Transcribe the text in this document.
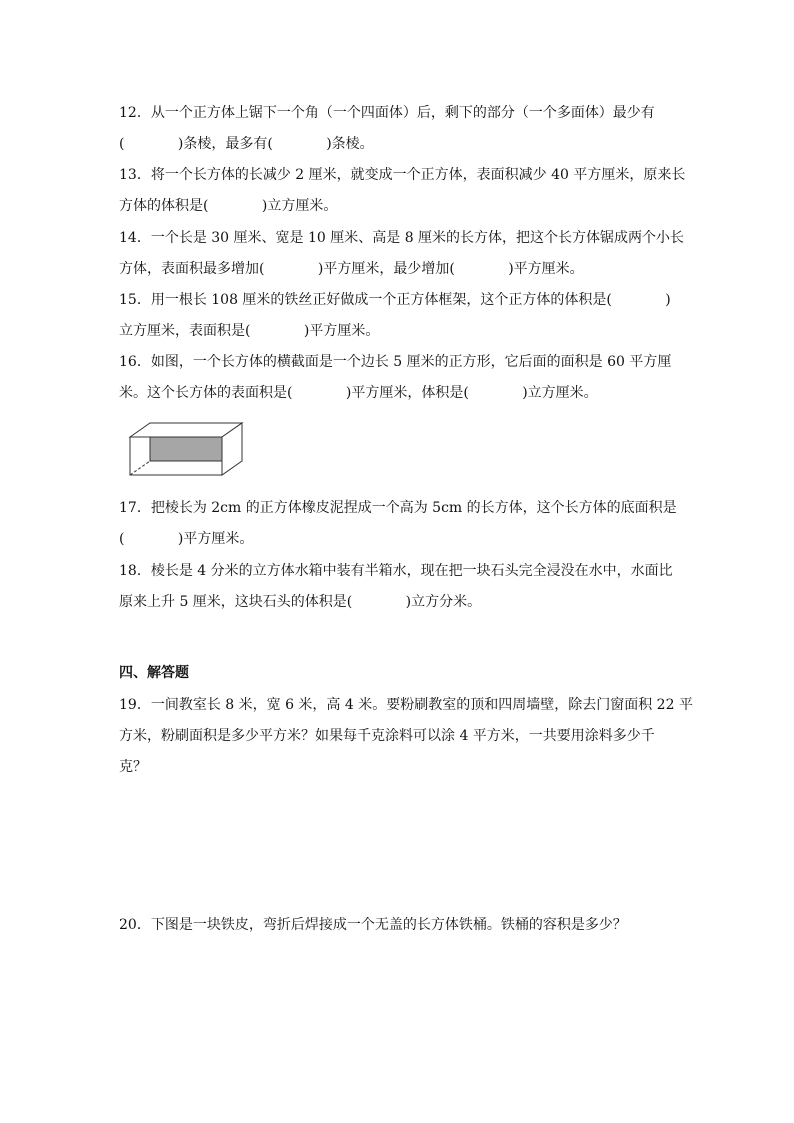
12．从一个正方体上锯下一个角（一个四面体）后，剩下的部分（一个多面体）最少有
(            )条棱，最多有(            )条棱。
13．将一个长方体的长减少 2 厘米，就变成一个正方体，表面积减少 40 平方厘米，原来长
方体的体积是(            )立方厘米。
14．一个长是 30 厘米、宽是 10 厘米、高是 8 厘米的长方体，把这个长方体锯成两个小长
方体，表面积最多增加(            )平方厘米，最少增加(            )平方厘米。
15．用一根长 108 厘米的铁丝正好做成一个正方体框架，这个正方体的体积是(            )
立方厘米，表面积是(            )平方厘米。
16．如图，一个长方体的横截面是一个边长 5 厘米的正方形，它后面的面积是 60 平方厘
米。这个长方体的表面积是(            )平方厘米，体积是(            )立方厘米。
17．把棱长为 2cm 的正方体橡皮泥捏成一个高为 5cm 的长方体，这个长方体的底面积是
(            )平方厘米。
18．棱长是 4 分米的立方体水箱中装有半箱水，现在把一块石头完全浸没在水中，水面比
原来上升 5 厘米，这块石头的体积是(            )立方分米。
四、解答题
19．一间教室长 8 米，宽 6 米，高 4 米。要粉刷教室的顶和四周墙壁，除去门窗面积 22 平
方米，粉刷面积是多少平方米？如果每千克涂料可以涂 4 平方米，一共要用涂料多少千
克？
20．下图是一块铁皮，弯折后焊接成一个无盖的长方体铁桶。铁桶的容积是多少？
